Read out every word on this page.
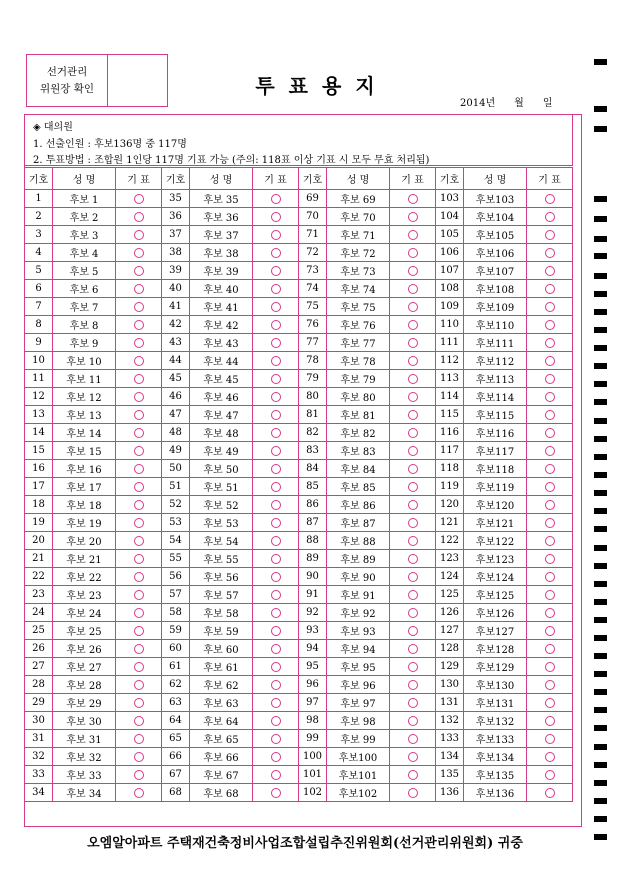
선거관리
위원장 확인	투표용지
2014년      월      일
◈ 대의원
1. 선출인원 : 후보136명 중 117명
2. 투표방법 : 조합원 1인당 117명 기표 가능 (주의: 118표 이상 기표 시 모두 무효 처리됨)
기호	성 명	기 표	기호	성 명	기 표	기호	성 명	기 표	기호	성 명	기 표
1	후보 1		35	후보 35		69	후보 69		103	후보103	
2	후보 2		36	후보 36		70	후보 70		104	후보104	
3	후보 3		37	후보 37		71	후보 71		105	후보105	
4	후보 4		38	후보 38		72	후보 72		106	후보106	
5	후보 5		39	후보 39		73	후보 73		107	후보107	
6	후보 6		40	후보 40		74	후보 74		108	후보108	
7	후보 7		41	후보 41		75	후보 75		109	후보109	
8	후보 8		42	후보 42		76	후보 76		110	후보110	
9	후보 9		43	후보 43		77	후보 77		111	후보111	
10	후보 10		44	후보 44		78	후보 78		112	후보112	
11	후보 11		45	후보 45		79	후보 79		113	후보113	
12	후보 12		46	후보 46		80	후보 80		114	후보114	
13	후보 13		47	후보 47		81	후보 81		115	후보115	
14	후보 14		48	후보 48		82	후보 82		116	후보116	
15	후보 15		49	후보 49		83	후보 83		117	후보117	
16	후보 16		50	후보 50		84	후보 84		118	후보118	
17	후보 17		51	후보 51		85	후보 85		119	후보119	
18	후보 18		52	후보 52		86	후보 86		120	후보120	
19	후보 19		53	후보 53		87	후보 87		121	후보121	
20	후보 20		54	후보 54		88	후보 88		122	후보122	
21	후보 21		55	후보 55		89	후보 89		123	후보123	
22	후보 22		56	후보 56		90	후보 90		124	후보124	
23	후보 23		57	후보 57		91	후보 91		125	후보125	
24	후보 24		58	후보 58		92	후보 92		126	후보126	
25	후보 25		59	후보 59		93	후보 93		127	후보127	
26	후보 26		60	후보 60		94	후보 94		128	후보128	
27	후보 27		61	후보 61		95	후보 95		129	후보129	
28	후보 28		62	후보 62		96	후보 96		130	후보130	
29	후보 29		63	후보 63		97	후보 97		131	후보131	
30	후보 30		64	후보 64		98	후보 98		132	후보132	
31	후보 31		65	후보 65		99	후보 99		133	후보133	
32	후보 32		66	후보 66		100	후보100		134	후보134	
33	후보 33		67	후보 67		101	후보101		135	후보135	
34	후보 34		68	후보 68		102	후보102		136	후보136	
오엠알아파트 주택재건축정비사업조합설립추진위원회(선거관리위원회) 귀중
